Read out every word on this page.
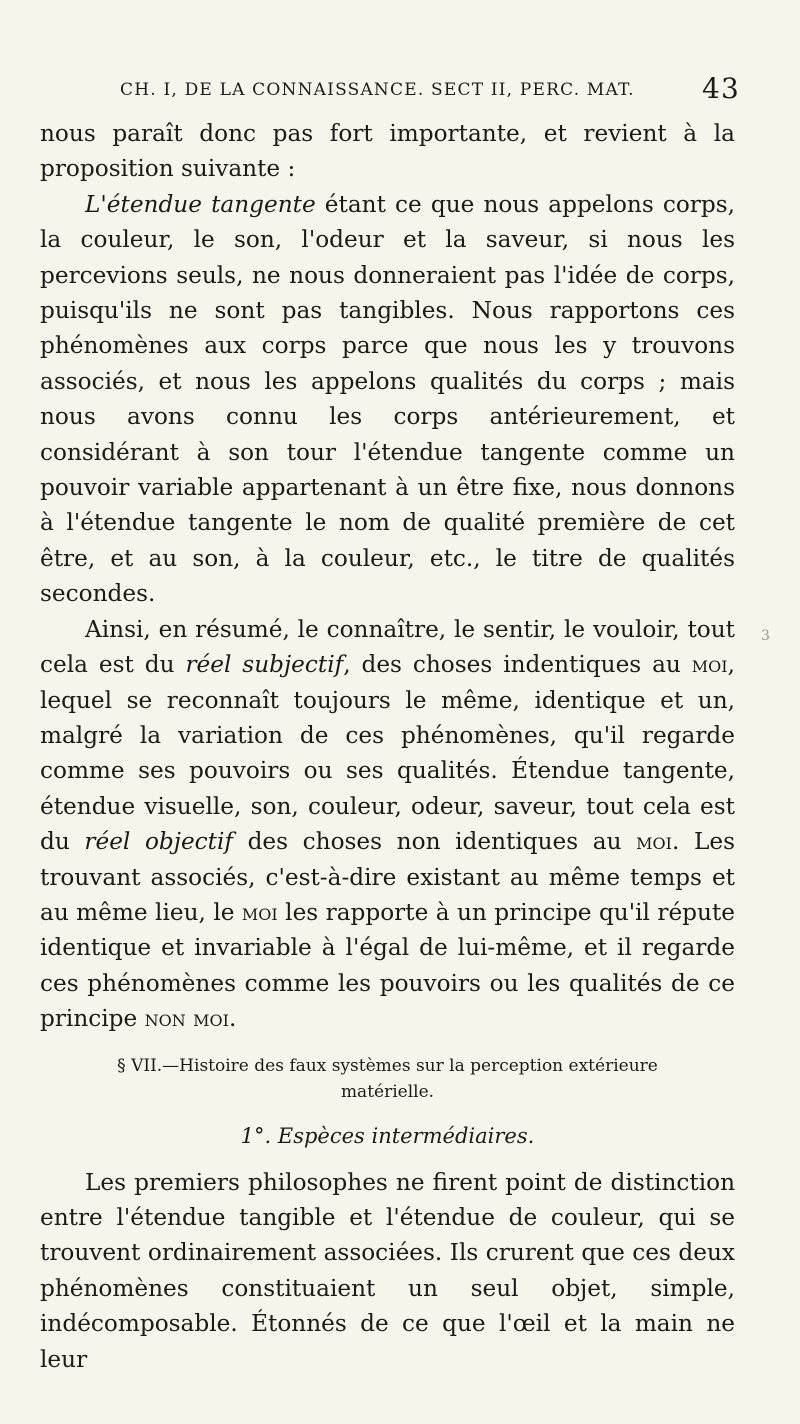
CH. I, DE LA CONNAISSANCE. SECT II, PERC. MAT. 43

nous paraît donc pas fort importante, et revient à la proposition suivante :

L'étendue tangente étant ce que nous appelons corps, la couleur, le son, l'odeur et la saveur, si nous les percevions seuls, ne nous donneraient pas l'idée de corps, puisqu'ils ne sont pas tangibles. Nous rapportons ces phénomènes aux corps parce que nous les y trouvons associés, et nous les appelons qualités du corps ; mais nous avons connu les corps antérieurement, et considérant à son tour l'étendue tangente comme un pouvoir variable appartenant à un être fixe, nous donnons à l'étendue tangente le nom de qualité première de cet être, et au son, à la couleur, etc., le titre de qualités secondes.

Ainsi, en résumé, le connaître, le sentir, le vouloir, tout cela est du réel subjectif, des choses indentiques au moi, lequel se reconnaît toujours le même, identique et un, malgré la variation de ces phénomènes, qu'il regarde comme ses pouvoirs ou ses qualités. Étendue tangente, étendue visuelle, son, couleur, odeur, saveur, tout cela est du réel objectif des choses non identiques au moi. Les trouvant associés, c'est-à-dire existant au même temps et au même lieu, le moi les rapporte à un principe qu'il répute identique et invariable à l'égal de lui-même, et il regarde ces phénomènes comme les pouvoirs ou les qualités de ce principe non moi.

§ VII.—Histoire des faux systèmes sur la perception extérieure matérielle.
1°. Espèces intermédiaires.

Les premiers philosophes ne firent point de distinction entre l'étendue tangible et l'étendue de couleur, qui se trouvent ordinairement associées. Ils crurent que ces deux phénomènes constituaient un seul objet, simple, indécomposable. Étonnés de ce que l'œil et la main ne leur

3
